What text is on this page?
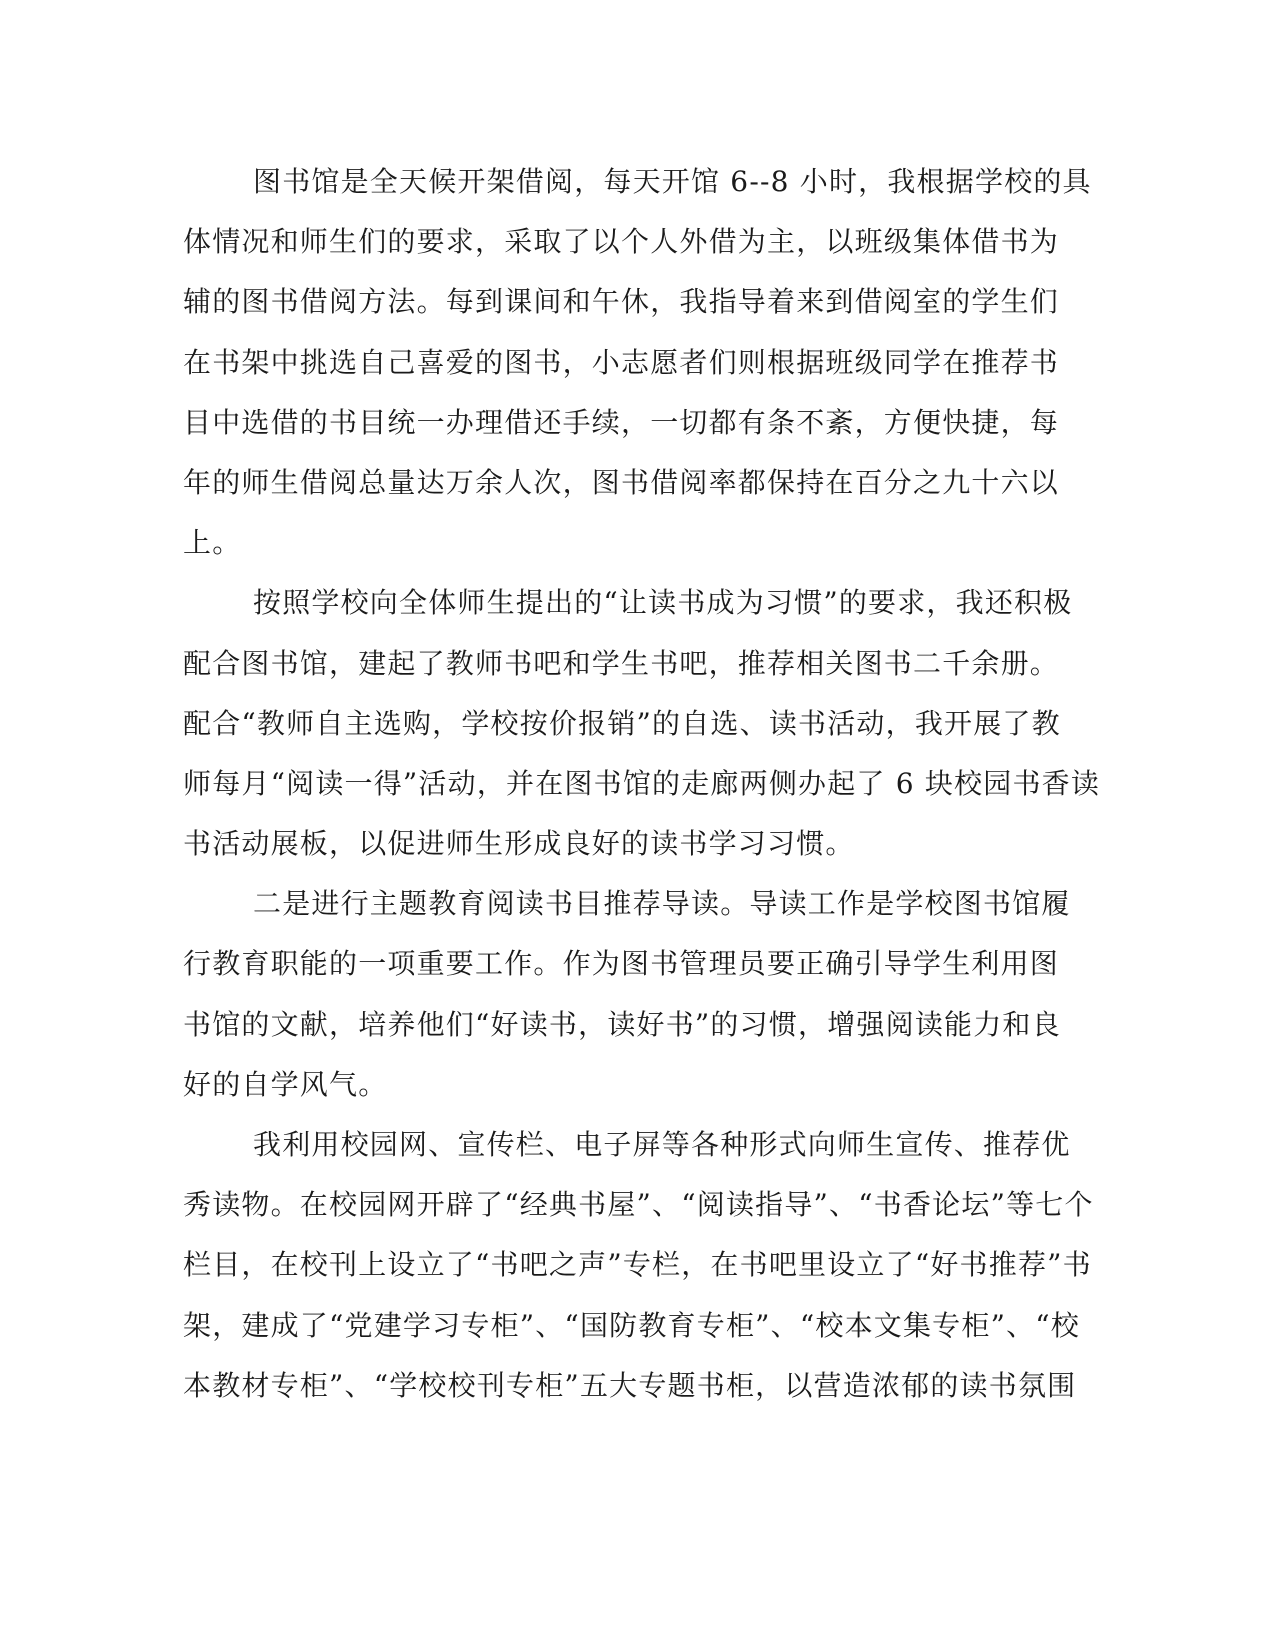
图书馆是全天候开架借阅，每天开馆 6--8 小时，我根据学校的具
体情况和师生们的要求，采取了以个人外借为主，以班级集体借书为
辅的图书借阅方法。每到课间和午休，我指导着来到借阅室的学生们
在书架中挑选自己喜爱的图书，小志愿者们则根据班级同学在推荐书
目中选借的书目统一办理借还手续，一切都有条不紊，方便快捷，每
年的师生借阅总量达万余人次，图书借阅率都保持在百分之九十六以
上。
按照学校向全体师生提出的“让读书成为习惯”的要求，我还积极
配合图书馆，建起了教师书吧和学生书吧，推荐相关图书二千余册。
配合“教师自主选购，学校按价报销”的自选、读书活动，我开展了教
师每月“阅读一得”活动，并在图书馆的走廊两侧办起了 6 块校园书香读
书活动展板，以促进师生形成良好的读书学习习惯。
二是进行主题教育阅读书目推荐导读。导读工作是学校图书馆履
行教育职能的一项重要工作。作为图书管理员要正确引导学生利用图
书馆的文献，培养他们“好读书，读好书”的习惯，增强阅读能力和良
好的自学风气。
我利用校园网、宣传栏、电子屏等各种形式向师生宣传、推荐优
秀读物。在校园网开辟了“经典书屋”、“阅读指导”、“书香论坛”等七个
栏目，在校刊上设立了“书吧之声”专栏，在书吧里设立了“好书推荐”书
架，建成了“党建学习专柜”、“国防教育专柜”、“校本文集专柜”、“校
本教材专柜”、“学校校刊专柜”五大专题书柜，以营造浓郁的读书氛围
